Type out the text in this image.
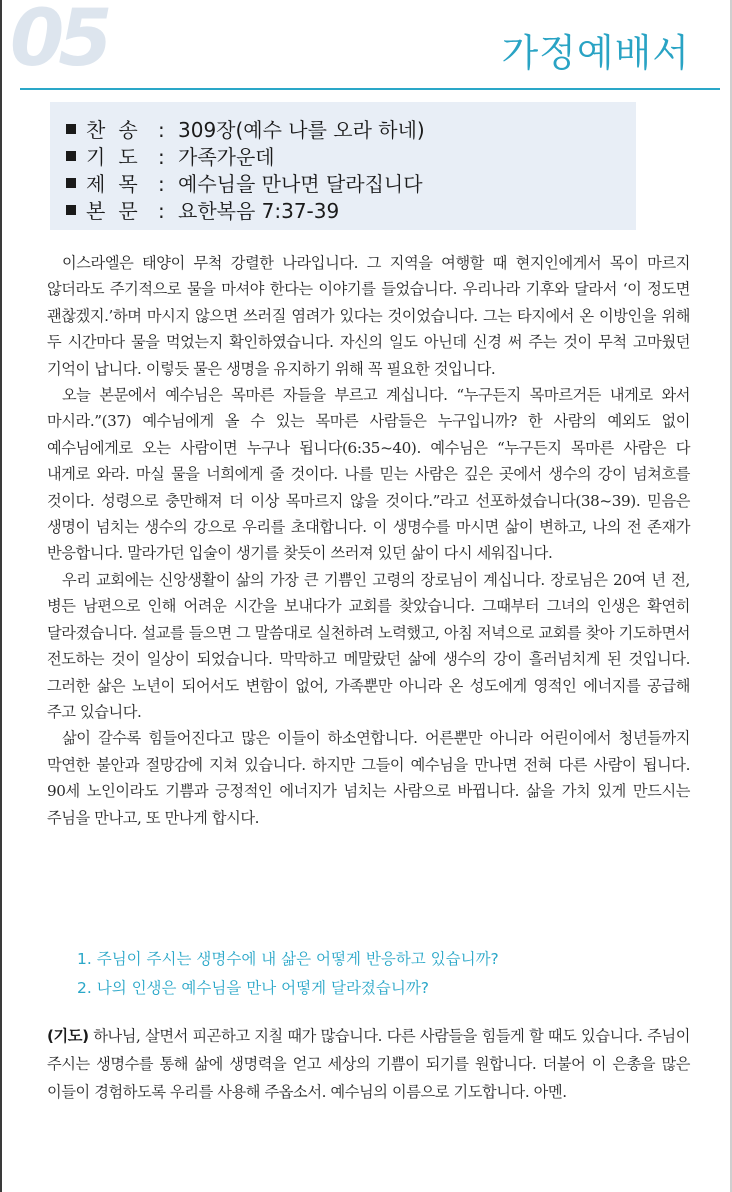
05	가정예배서
찬송 : 309장(예수 나를 오라 하네)
기도 : 가족가운데
제목 : 예수님을 만나면 달라집니다
본문 : 요한복음 7:37-39

이스라엘은 태양이 무척 강렬한 나라입니다. 그 지역을 여행할 때 현지인에게서 목이 마르지 않더라도 주기적으로 물을 마셔야 한다는 이야기를 들었습니다. 우리나라 기후와 달라서 ‘이 정도면 괜찮겠지.’하며 마시지 않으면 쓰러질 염려가 있다는 것이었습니다. 그는 타지에서 온 이방인을 위해 두 시간마다 물을 먹었는지 확인하였습니다. 자신의 일도 아닌데 신경 써 주는 것이 무척 고마웠던 기억이 납니다. 이렇듯 물은 생명을 유지하기 위해 꼭 필요한 것입니다.

오늘 본문에서 예수님은 목마른 자들을 부르고 계십니다. “누구든지 목마르거든 내게로 와서 마시라.”(37) 예수님에게 올 수 있는 목마른 사람들은 누구입니까? 한 사람의 예외도 없이 예수님에게로 오는 사람이면 누구나 됩니다(6:35~40). 예수님은 “누구든지 목마른 사람은 다 내게로 와라. 마실 물을 너희에게 줄 것이다. 나를 믿는 사람은 깊은 곳에서 생수의 강이 넘쳐흐를 것이다. 성령으로 충만해져 더 이상 목마르지 않을 것이다.”라고 선포하셨습니다(38~39). 믿음은 생명이 넘치는 생수의 강으로 우리를 초대합니다. 이 생명수를 마시면 삶이 변하고, 나의 전 존재가 반응합니다. 말라가던 입술이 생기를 찾듯이 쓰러져 있던 삶이 다시 세워집니다.

우리 교회에는 신앙생활이 삶의 가장 큰 기쁨인 고령의 장로님이 계십니다. 장로님은 20여 년 전, 병든 남편으로 인해 어려운 시간을 보내다가 교회를 찾았습니다. 그때부터 그녀의 인생은 확연히 달라졌습니다. 설교를 들으면 그 말씀대로 실천하려 노력했고, 아침 저녁으로 교회를 찾아 기도하면서 전도하는 것이 일상이 되었습니다. 막막하고 메말랐던 삶에 생수의 강이 흘러넘치게 된 것입니다. 그러한 삶은 노년이 되어서도 변함이 없어, 가족뿐만 아니라 온 성도에게 영적인 에너지를 공급해 주고 있습니다.

삶이 갈수록 힘들어진다고 많은 이들이 하소연합니다. 어른뿐만 아니라 어린이에서 청년들까지 막연한 불안과 절망감에 지쳐 있습니다. 하지만 그들이 예수님을 만나면 전혀 다른 사람이 됩니다. 90세 노인이라도 기쁨과 긍정적인 에너지가 넘치는 사람으로 바뀝니다. 삶을 가치 있게 만드시는 주님을 만나고, 또 만나게 합시다.

1. 주님이 주시는 생명수에 내 삶은 어떻게 반응하고 있습니까?
2. 나의 인생은 예수님을 만나 어떻게 달라졌습니까?

(기도) 하나님, 살면서 피곤하고 지칠 때가 많습니다. 다른 사람들을 힘들게 할 때도 있습니다. 주님이 주시는 생명수를 통해 삶에 생명력을 얻고 세상의 기쁨이 되기를 원합니다. 더불어 이 은총을 많은 이들이 경험하도록 우리를 사용해 주옵소서. 예수님의 이름으로 기도합니다. 아멘.
